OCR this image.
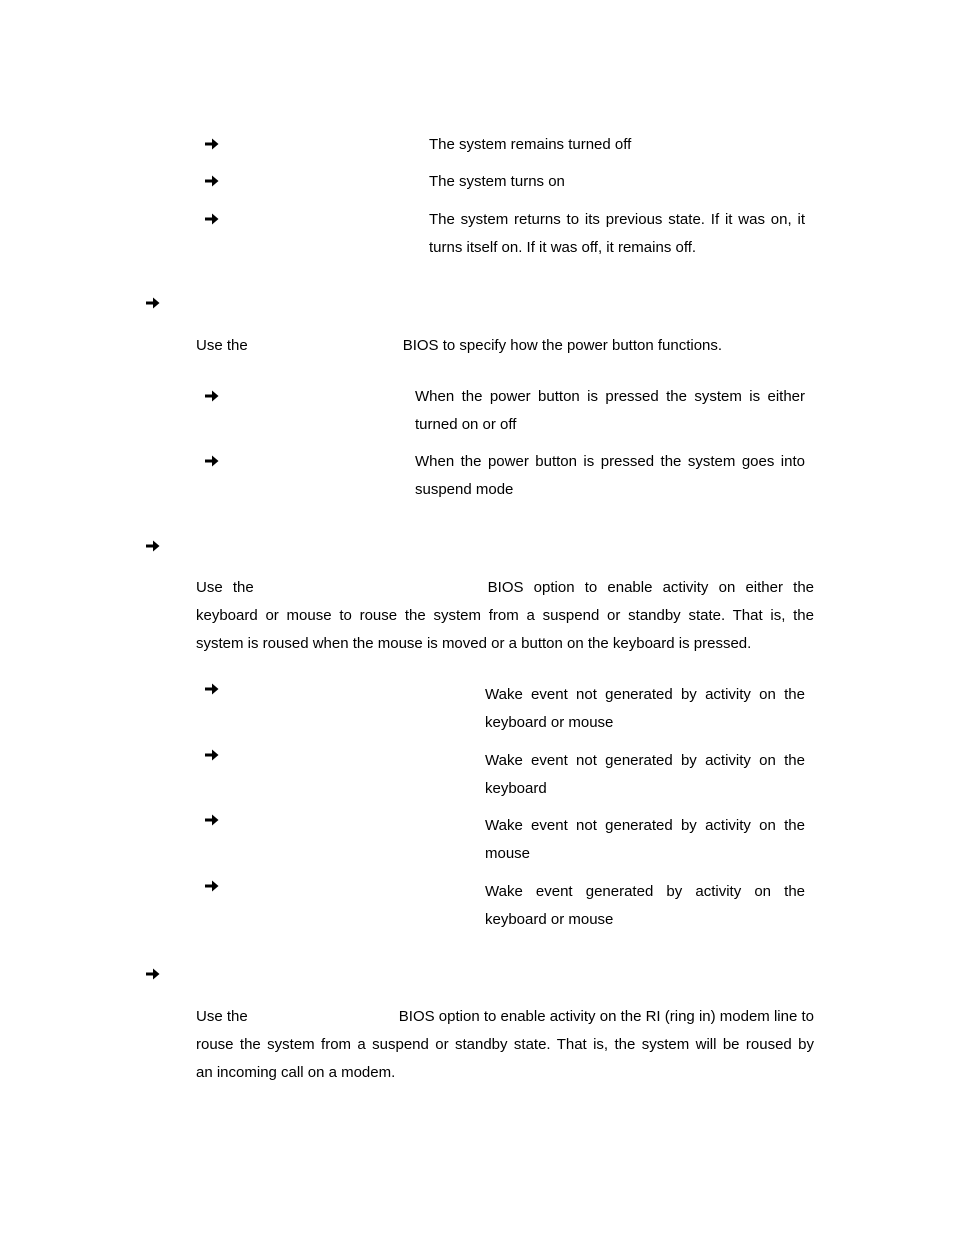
The system remains turned off
The system turns on

The system returns to its previous state. If it was on, it

turns itself on. If it was off, it remains off.

Use the	BIOS to specify how the power button functions.

When the power button is pressed the system is either

turned on or off

When the power button is pressed the system goes into

suspend mode

Use the	BIOS option to enable activity on either the

keyboard or mouse to rouse the system from a suspend or standby state. That is, the

system is roused when the mouse is moved or a button on the keyboard is pressed.

Wake event not generated by activity on the

keyboard or mouse

Wake event not generated by activity on the

keyboard

Wake event not generated by activity on the

mouse

Wake event generated by activity on the

keyboard or mouse

Use the	BIOS option to enable activity on the RI (ring in) modem line to

rouse the system from a suspend or standby state. That is, the system will be roused by

an incoming call on a modem.
